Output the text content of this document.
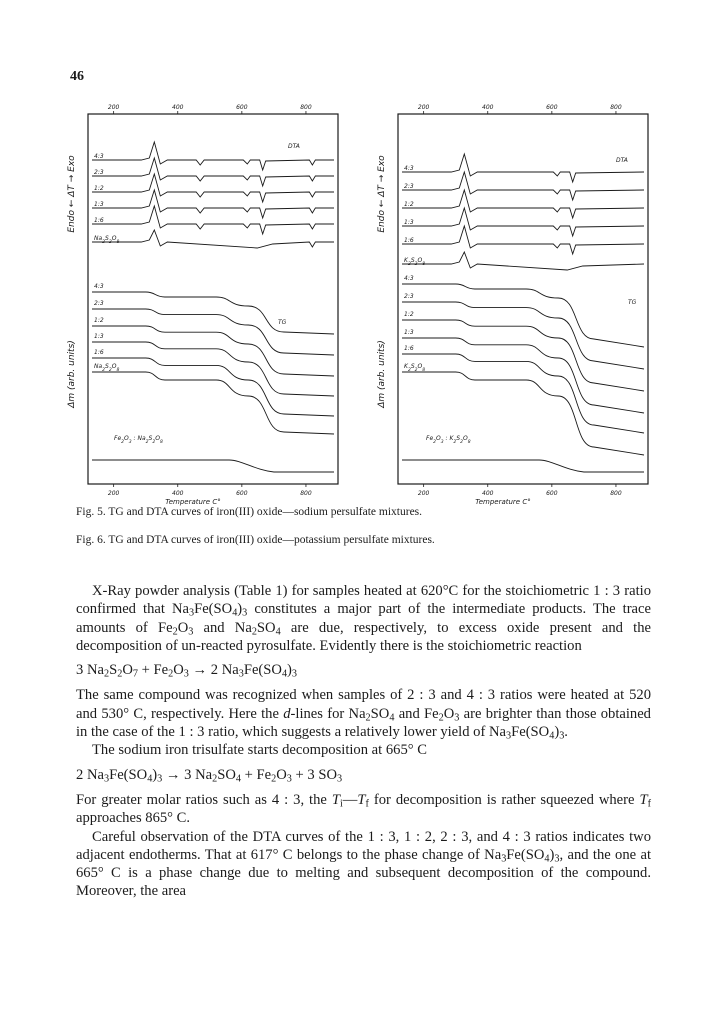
46
200	400	600	800
200	400	600	800
Temperature C°
Endo ← ΔT → Exo
Δm (arb. units)
DTA
4:3
2:3
1:2
1:3
1:6
$Na_2S_2O_8$
TG
4:3
2:3
1:2
1:3
1:6
$Na_2S_2O_8$
$Fe_2O_3$ : $Na_2S_2O_8$
200	400	600	800
200	400	600	800
Temperature C°
Endo ← ΔT → Exo
Δm (arb. units)
DTA
4:3
2:3
1:2
1:3
1:6
$K_2S_2O_8$
TG
4:3
2:3
1:2
1:3
1:6
$K_2S_2O_8$
$Fe_2O_3$ : $K_2S_2O_8$
Fig. 5. TG and DTA curves of iron(III) oxide—sodium persulfate mixtures.
Fig. 6. TG and DTA curves of iron(III) oxide—potassium persulfate mixtures.

X-Ray powder analysis (Table 1) for samples heated at 620°C for the stoichiometric 1 : 3 ratio confirmed that $Na_3Fe(SO_4)_3$ constitutes a major part of the intermediate products. The trace amounts of $Fe_2O_3$ and $Na_2SO_4$ are due, respectively, to excess oxide present and the decomposition of un-reacted pyrosulfate. Evidently there is the stoichiometric reaction

3 $Na_2S_2O_7 + Fe_2O_3 \to 2$ $Na_3Fe(SO_4)_3$

The same compound was recognized when samples of 2 : 3 and 4 : 3 ratios were heated at 520 and 530° C, respectively. Here the d-lines for $Na_2SO_4$ and $Fe_2O_3$ are brighter than those obtained in the case of the 1 : 3 ratio, which suggests a relatively lower yield of $Na_3Fe(SO_4)_3$.

The sodium iron trisulfate starts decomposition at 665° C

2 $Na_3Fe(SO_4)_3 \to 3$ $Na_2SO_4 + Fe_2O_3 + 3$ $SO_3$

For greater molar ratios such as 4 : 3, the $T_i—T_f$ for decomposition is rather squeezed where $T_f$ approaches 865° C.

Careful observation of the DTA curves of the 1 : 3, 1 : 2, 2 : 3, and 4 : 3 ratios indicates two adjacent endotherms. That at 617° C belongs to the phase change of $Na_3Fe(SO_4)_3$, and the one at 665° C is a phase change due to melting and subsequent decomposition of the compound. Moreover, the area
